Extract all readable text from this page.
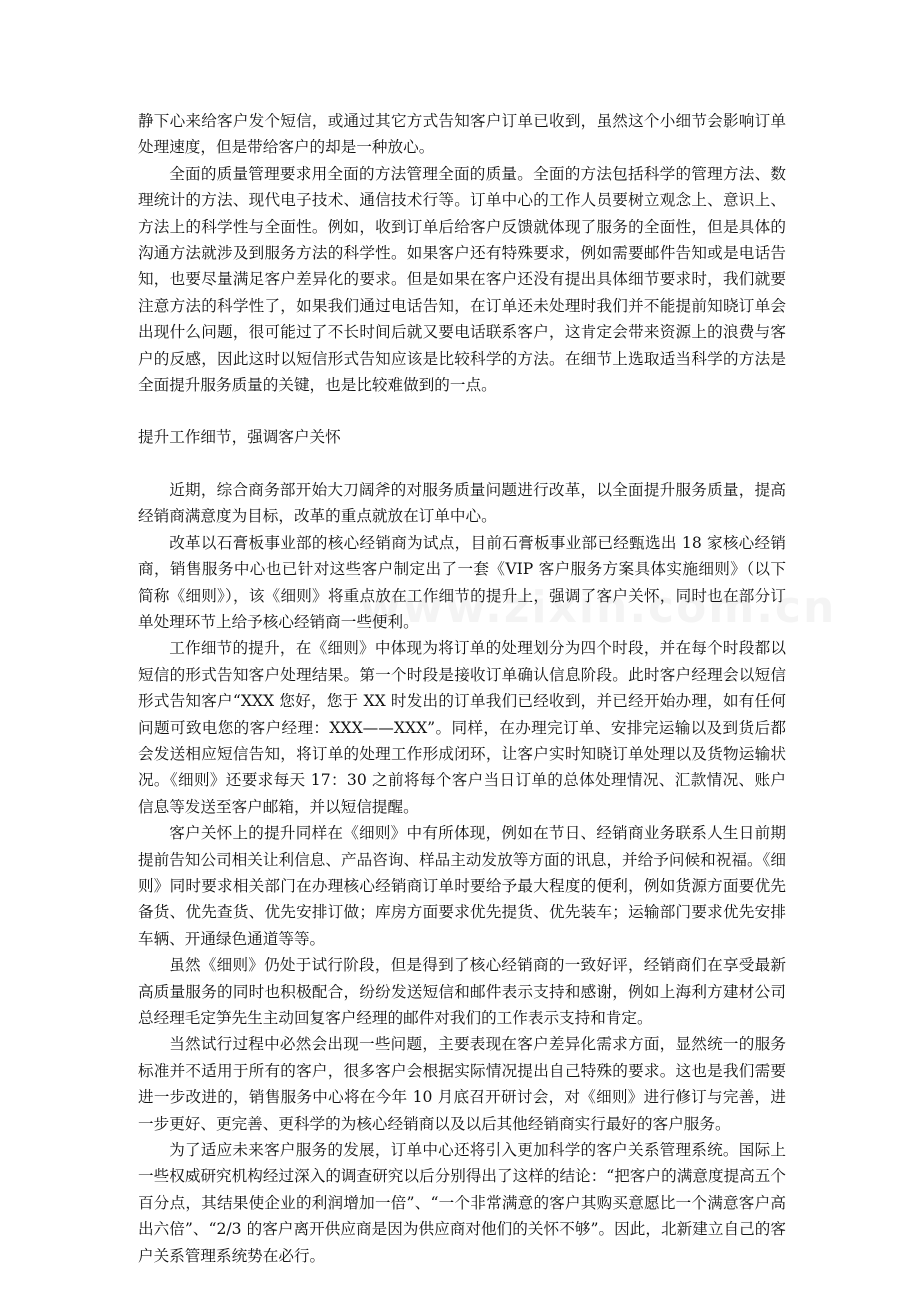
静下心来给客户发个短信，或通过其它方式告知客户订单已收到，虽然这个小细节会影响订单处理速度，但是带给客户的却是一种放心。

全面的质量管理要求用全面的方法管理全面的质量。全面的方法包括科学的管理方法、数理统计的方法、现代电子技术、通信技术行等。订单中心的工作人员要树立观念上、意识上、方法上的科学性与全面性。例如，收到订单后给客户反馈就体现了服务的全面性，但是具体的沟通方法就涉及到服务方法的科学性。如果客户还有特殊要求，例如需要邮件告知或是电话告知，也要尽量满足客户差异化的要求。但是如果在客户还没有提出具体细节要求时，我们就要注意方法的科学性了，如果我们通过电话告知，在订单还未处理时我们并不能提前知晓订单会出现什么问题，很可能过了不长时间后就又要电话联系客户，这肯定会带来资源上的浪费与客户的反感，因此这时以短信形式告知应该是比较科学的方法。在细节上选取适当科学的方法是全面提升服务质量的关键，也是比较难做到的一点。

提升工作细节，强调客户关怀

近期，综合商务部开始大刀阔斧的对服务质量问题进行改革，以全面提升服务质量，提高经销商满意度为目标，改革的重点就放在订单中心。

改革以石膏板事业部的核心经销商为试点，目前石膏板事业部已经甄选出 18 家核心经销商，销售服务中心也已针对这些客户制定出了一套《VIP 客户服务方案具体实施细则》（以下简称《细则》），该《细则》将重点放在工作细节的提升上，强调了客户关怀，同时也在部分订单处理环节上给予核心经销商一些便利。

工作细节的提升，在《细则》中体现为将订单的处理划分为四个时段，并在每个时段都以短信的形式告知客户处理结果。第一个时段是接收订单确认信息阶段。此时客户经理会以短信形式告知客户“XXX 您好，您于 XX 时发出的订单我们已经收到，并已经开始办理，如有任何问题可致电您的客户经理：XXX——XXX”。同样，在办理完订单、安排完运输以及到货后都会发送相应短信告知，将订单的处理工作形成闭环，让客户实时知晓订单处理以及货物运输状况。《细则》还要求每天 17：30 之前将每个客户当日订单的总体处理情况、汇款情况、账户信息等发送至客户邮箱，并以短信提醒。

客户关怀上的提升同样在《细则》中有所体现，例如在节日、经销商业务联系人生日前期提前告知公司相关让利信息、产品咨询、样品主动发放等方面的讯息，并给予问候和祝福。《细则》同时要求相关部门在办理核心经销商订单时要给予最大程度的便利，例如货源方面要优先备货、优先查货、优先安排订做；库房方面要求优先提货、优先装车；运输部门要求优先安排车辆、开通绿色通道等等。

虽然《细则》仍处于试行阶段，但是得到了核心经销商的一致好评，经销商们在享受最新高质量服务的同时也积极配合，纷纷发送短信和邮件表示支持和感谢，例如上海利方建材公司总经理毛定笋先生主动回复客户经理的邮件对我们的工作表示支持和肯定。

当然试行过程中必然会出现一些问题，主要表现在客户差异化需求方面，显然统一的服务标准并不适用于所有的客户，很多客户会根据实际情况提出自己特殊的要求。这也是我们需要进一步改进的，销售服务中心将在今年 10 月底召开研讨会，对《细则》进行修订与完善，进一步更好、更完善、更科学的为核心经销商以及以后其他经销商实行最好的客户服务。

为了适应未来客户服务的发展，订单中心还将引入更加科学的客户关系管理系统。国际上一些权威研究机构经过深入的调查研究以后分别得出了这样的结论：“把客户的满意度提高五个百分点，其结果使企业的利润增加一倍”、“一个非常满意的客户其购买意愿比一个满意客户高出六倍”、“2/3 的客户离开供应商是因为供应商对他们的关怀不够”。因此，北新建立自己的客户关系管理系统势在必行。
